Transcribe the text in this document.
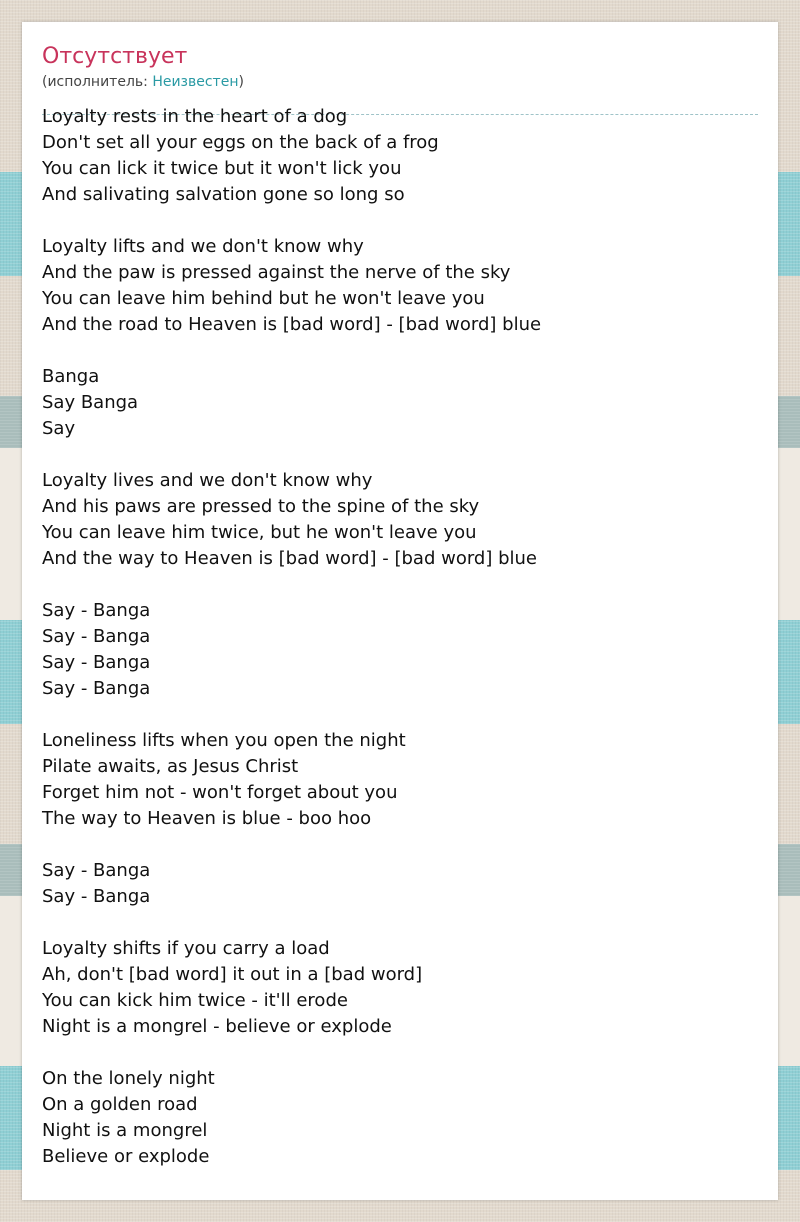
Отсутствует
(исполнитель: Неизвестен)
Loyalty rests in the heart of a dog
Don't set all your eggs on the back of a frog
You can lick it twice but it won't lick you
And salivating salvation gone so long so
Loyalty lifts and we don't know why
And the paw is pressed against the nerve of the sky
You can leave him behind but he won't leave you
And the road to Heaven is [bad word] - [bad word] blue
Banga
Say Banga
Say
Loyalty lives and we don't know why
And his paws are pressed to the spine of the sky
You can leave him twice, but he won't leave you
And the way to Heaven is [bad word] - [bad word] blue
Say - Banga
Say - Banga
Say - Banga
Say - Banga
Loneliness lifts when you open the night
Pilate awaits, as Jesus Christ
Forget him not - won't forget about you
The way to Heaven is blue - boo hoo
Say - Banga
Say - Banga
Loyalty shifts if you carry a load
Ah, don't [bad word] it out in a [bad word]
You can kick him twice - it'll erode
Night is a mongrel - believe or explode
On the lonely night
On a golden road
Night is a mongrel
Believe or explode
